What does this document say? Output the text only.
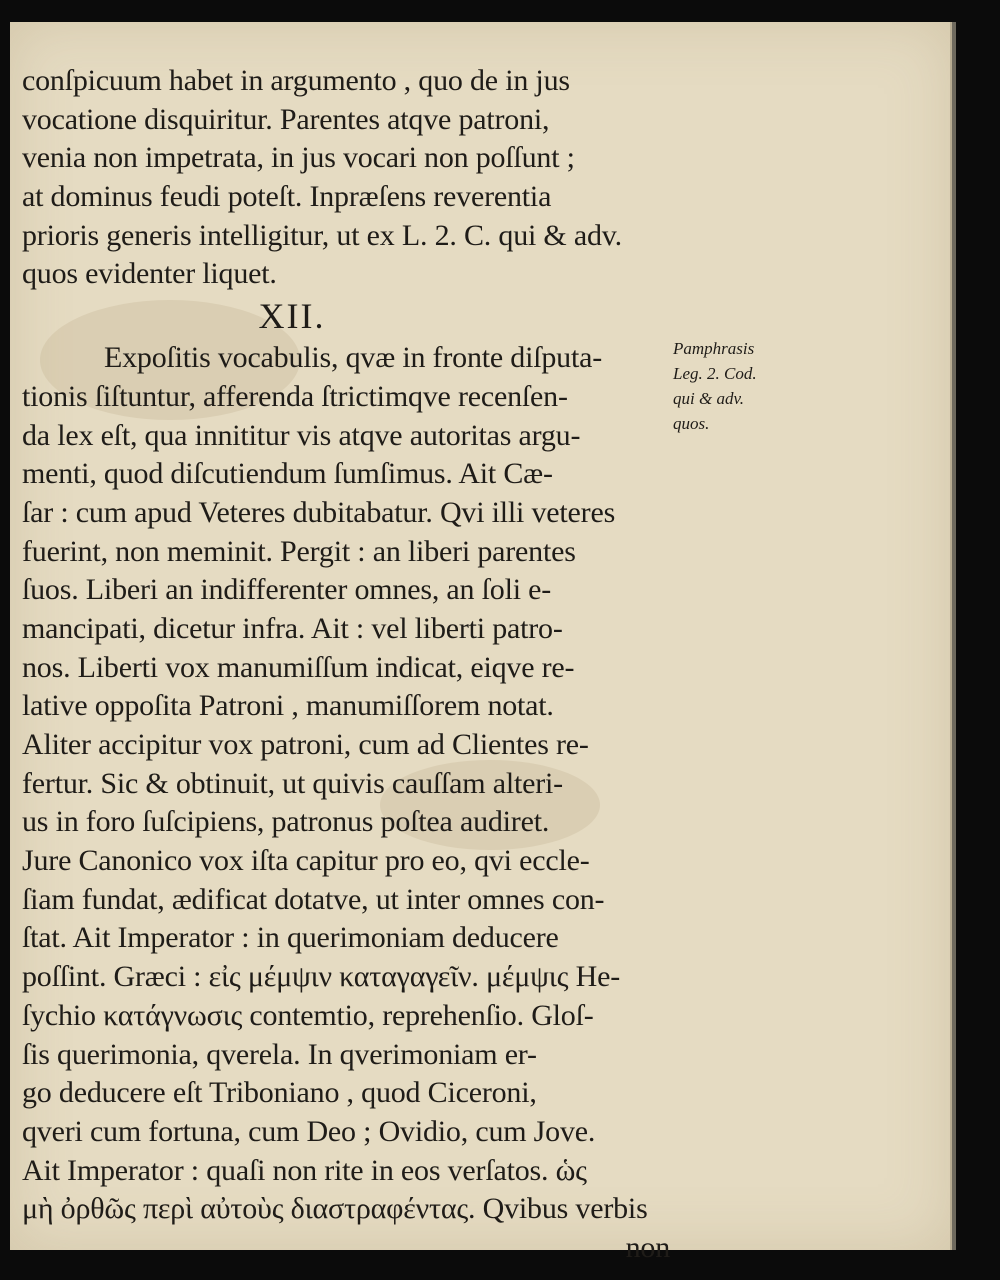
conſpicuum habet in argumento , quo de in jus
vocatione disquiritur. Parentes atqve patroni,
venia non impetrata, in jus vocari non poſſunt ;
at dominus feudi poteſt. Inpræſens reverentia
prioris generis intelligitur, ut ex L. 2. C. qui & adv.
quos evidenter liquet.
XII.
Expoſitis vocabulis, qvæ in fronte diſputa-
tionis ſiſtuntur, afferenda ſtrictimqve recenſen-
da lex eſt, qua innititur vis atqve autoritas argu-
menti, quod diſcutiendum ſumſimus. Ait Cæ-
ſar : cum apud Veteres dubitabatur. Qvi illi veteres
fuerint, non meminit. Pergit : an liberi parentes
ſuos. Liberi an indifferenter omnes, an ſoli e-
mancipati, dicetur infra. Ait : vel liberti patro-
nos. Liberti vox manumiſſum indicat, eiqve re-
lative oppoſita Patroni , manumiſſorem notat.
Aliter accipitur vox patroni, cum ad Clientes re-
fertur. Sic & obtinuit, ut quivis cauſſam alteri-
us in foro ſuſcipiens, patronus poſtea audiret.
Jure Canonico vox iſta capitur pro eo, qvi eccle-
ſiam fundat, ædificat dotatve, ut inter omnes con-
ſtat. Ait Imperator : in querimoniam deducere
poſſint. Græci : εἰς μέμψιν καταγαγεῖν. μέμψις He-
ſychio κατάγνωσις contemtio, reprehenſio. Gloſ-
ſis querimonia, qverela. In qverimoniam er-
go deducere eſt Triboniano , quod Ciceroni,
qveri cum fortuna, cum Deo ; Ovidio, cum Jove.
Ait Imperator : quaſi non rite in eos verſatos. ὡς
μὴ ὀρθῶς περὶ αὐτοὺς διαστραφέντας. Qvibus verbis
non
Pamphrasis
Leg. 2. Cod.
qui & adv.
quos.
